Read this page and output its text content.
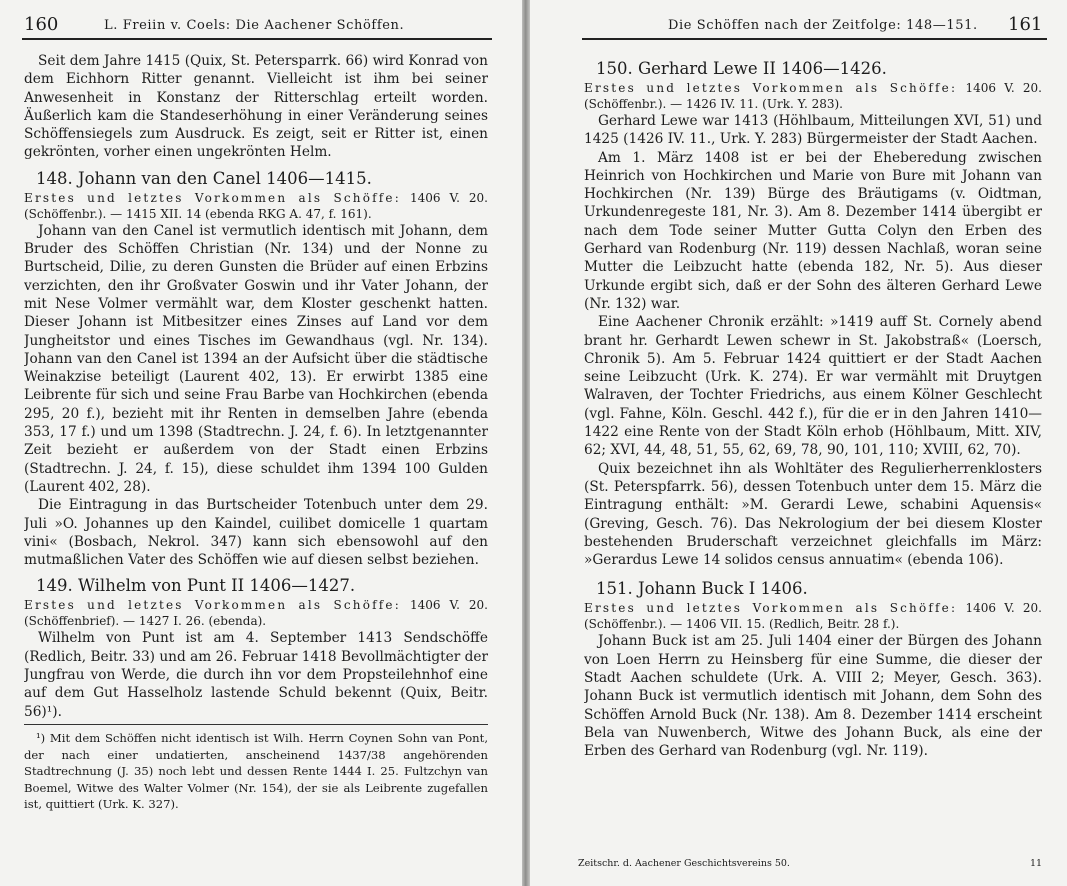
160	L. Freiin v. Coels: Die Aachener Schöffen.

Seit dem Jahre 1415 (Quix, St. Petersparrk. 66) wird Konrad von dem Eichhorn Ritter genannt. Vielleicht ist ihm bei seiner Anwesenheit in Konstanz der Ritterschlag erteilt worden. Äußerlich kam die Standeserhöhung in einer Veränderung seines Schöffensiegels zum Ausdruck. Es zeigt, seit er Ritter ist, einen gekrönten, vorher einen ungekrönten Helm.

148. Johann van den Canel 1406—1415.

Erstes und letztes Vorkommen als Schöffe: 1406 V. 20. (Schöffenbr.). — 1415 XII. 14 (ebenda RKG A. 47, f. 161).

Johann van den Canel ist vermutlich identisch mit Johann, dem Bruder des Schöffen Christian (Nr. 134) und der Nonne zu Burtscheid, Dilie, zu deren Gunsten die Brüder auf einen Erbzins verzichten, den ihr Großvater Goswin und ihr Vater Johann, der mit Nese Volmer vermählt war, dem Kloster geschenkt hatten. Dieser Johann ist Mitbesitzer eines Zinses auf Land vor dem Jungheitstor und eines Tisches im Gewandhaus (vgl. Nr. 134). Johann van den Canel ist 1394 an der Aufsicht über die städtische Weinakzise beteiligt (Laurent 402, 13). Er erwirbt 1385 eine Leibrente für sich und seine Frau Barbe van Hochkirchen (ebenda 295, 20 f.), bezieht mit ihr Renten in demselben Jahre (ebenda 353, 17 f.) und um 1398 (Stadtrechn. J. 24, f. 6). In letztgenannter Zeit bezieht er außerdem von der Stadt einen Erbzins (Stadtrechn. J. 24, f. 15), diese schuldet ihm 1394 100 Gulden (Laurent 402, 28).

Die Eintragung in das Burtscheider Totenbuch unter dem 29. Juli »O. Johannes up den Kaindel, cuilibet domicelle 1 quartam vini« (Bosbach, Nekrol. 347) kann sich ebensowohl auf den mutmaßlichen Vater des Schöffen wie auf diesen selbst beziehen.

149. Wilhelm von Punt II 1406—1427.

Erstes und letztes Vorkommen als Schöffe: 1406 V. 20. (Schöffenbrief). — 1427 I. 26. (ebenda).

Wilhelm von Punt ist am 4. September 1413 Sendschöffe (Redlich, Beitr. 33) und am 26. Februar 1418 Bevollmächtigter der Jungfrau von Werde, die durch ihn vor dem Propsteilehnhof eine auf dem Gut Hasselholz lastende Schuld bekennt (Quix, Beitr. 56)¹).

¹) Mit dem Schöffen nicht identisch ist Wilh. Herrn Coynen Sohn van Pont, der nach einer undatierten, anscheinend 1437/38 angehörenden Stadtrechnung (J. 35) noch lebt und dessen Rente 1444 I. 25. Fultzchyn van Boemel, Witwe des Walter Volmer (Nr. 154), der sie als Leibrente zugefallen ist, quittiert (Urk. K. 327).

Die Schöffen nach der Zeitfolge: 148—151. 161
150. Gerhard Lewe II 1406—1426.

Erstes und letztes Vorkommen als Schöffe: 1406 V. 20. (Schöffenbr.). — 1426 IV. 11. (Urk. Y. 283).

Gerhard Lewe war 1413 (Höhlbaum, Mitteilungen XVI, 51) und 1425 (1426 IV. 11., Urk. Y. 283) Bürgermeister der Stadt Aachen.

Am 1. März 1408 ist er bei der Eheberedung zwischen Heinrich von Hochkirchen und Marie von Bure mit Johann van Hochkirchen (Nr. 139) Bürge des Bräutigams (v. Oidtman, Urkundenregeste 181, Nr. 3). Am 8. Dezember 1414 übergibt er nach dem Tode seiner Mutter Gutta Colyn den Erben des Gerhard van Rodenburg (Nr. 119) dessen Nachlaß, woran seine Mutter die Leibzucht hatte (ebenda 182, Nr. 5). Aus dieser Urkunde ergibt sich, daß er der Sohn des älteren Gerhard Lewe (Nr. 132) war.

Eine Aachener Chronik erzählt: »1419 auff St. Cornely abend brant hr. Gerhardt Lewen schewr in St. Jakobstraß« (Loersch, Chronik 5). Am 5. Februar 1424 quittiert er der Stadt Aachen seine Leibzucht (Urk. K. 274). Er war vermählt mit Druytgen Walraven, der Tochter Friedrichs, aus einem Kölner Geschlecht (vgl. Fahne, Köln. Geschl. 442 f.), für die er in den Jahren 1410—1422 eine Rente von der Stadt Köln erhob (Höhlbaum, Mitt. XIV, 62; XVI, 44, 48, 51, 55, 62, 69, 78, 90, 101, 110; XVIII, 62, 70).

Quix bezeichnet ihn als Wohltäter des Regulierherrenklosters (St. Peterspfarrk. 56), dessen Totenbuch unter dem 15. März die Eintragung enthält: »M. Gerardi Lewe, schabini Aquensis« (Greving, Gesch. 76). Das Nekrologium der bei diesem Kloster bestehenden Bruderschaft verzeichnet gleichfalls im März: »Gerardus Lewe 14 solidos census annuatim« (ebenda 106).

151. Johann Buck I 1406.

Erstes und letztes Vorkommen als Schöffe: 1406 V. 20. (Schöffenbr.). — 1406 VII. 15. (Redlich, Beitr. 28 f.).

Johann Buck ist am 25. Juli 1404 einer der Bürgen des Johann von Loen Herrn zu Heinsberg für eine Summe, die dieser der Stadt Aachen schuldete (Urk. A. VIII 2; Meyer, Gesch. 363). Johann Buck ist vermutlich identisch mit Johann, dem Sohn des Schöffen Arnold Buck (Nr. 138). Am 8. Dezember 1414 erscheint Bela van Nuwenberch, Witwe des Johann Buck, als eine der Erben des Gerhard van Rodenburg (vgl. Nr. 119).

Zeitschr. d. Aachener Geschichtsvereins 50.	11
